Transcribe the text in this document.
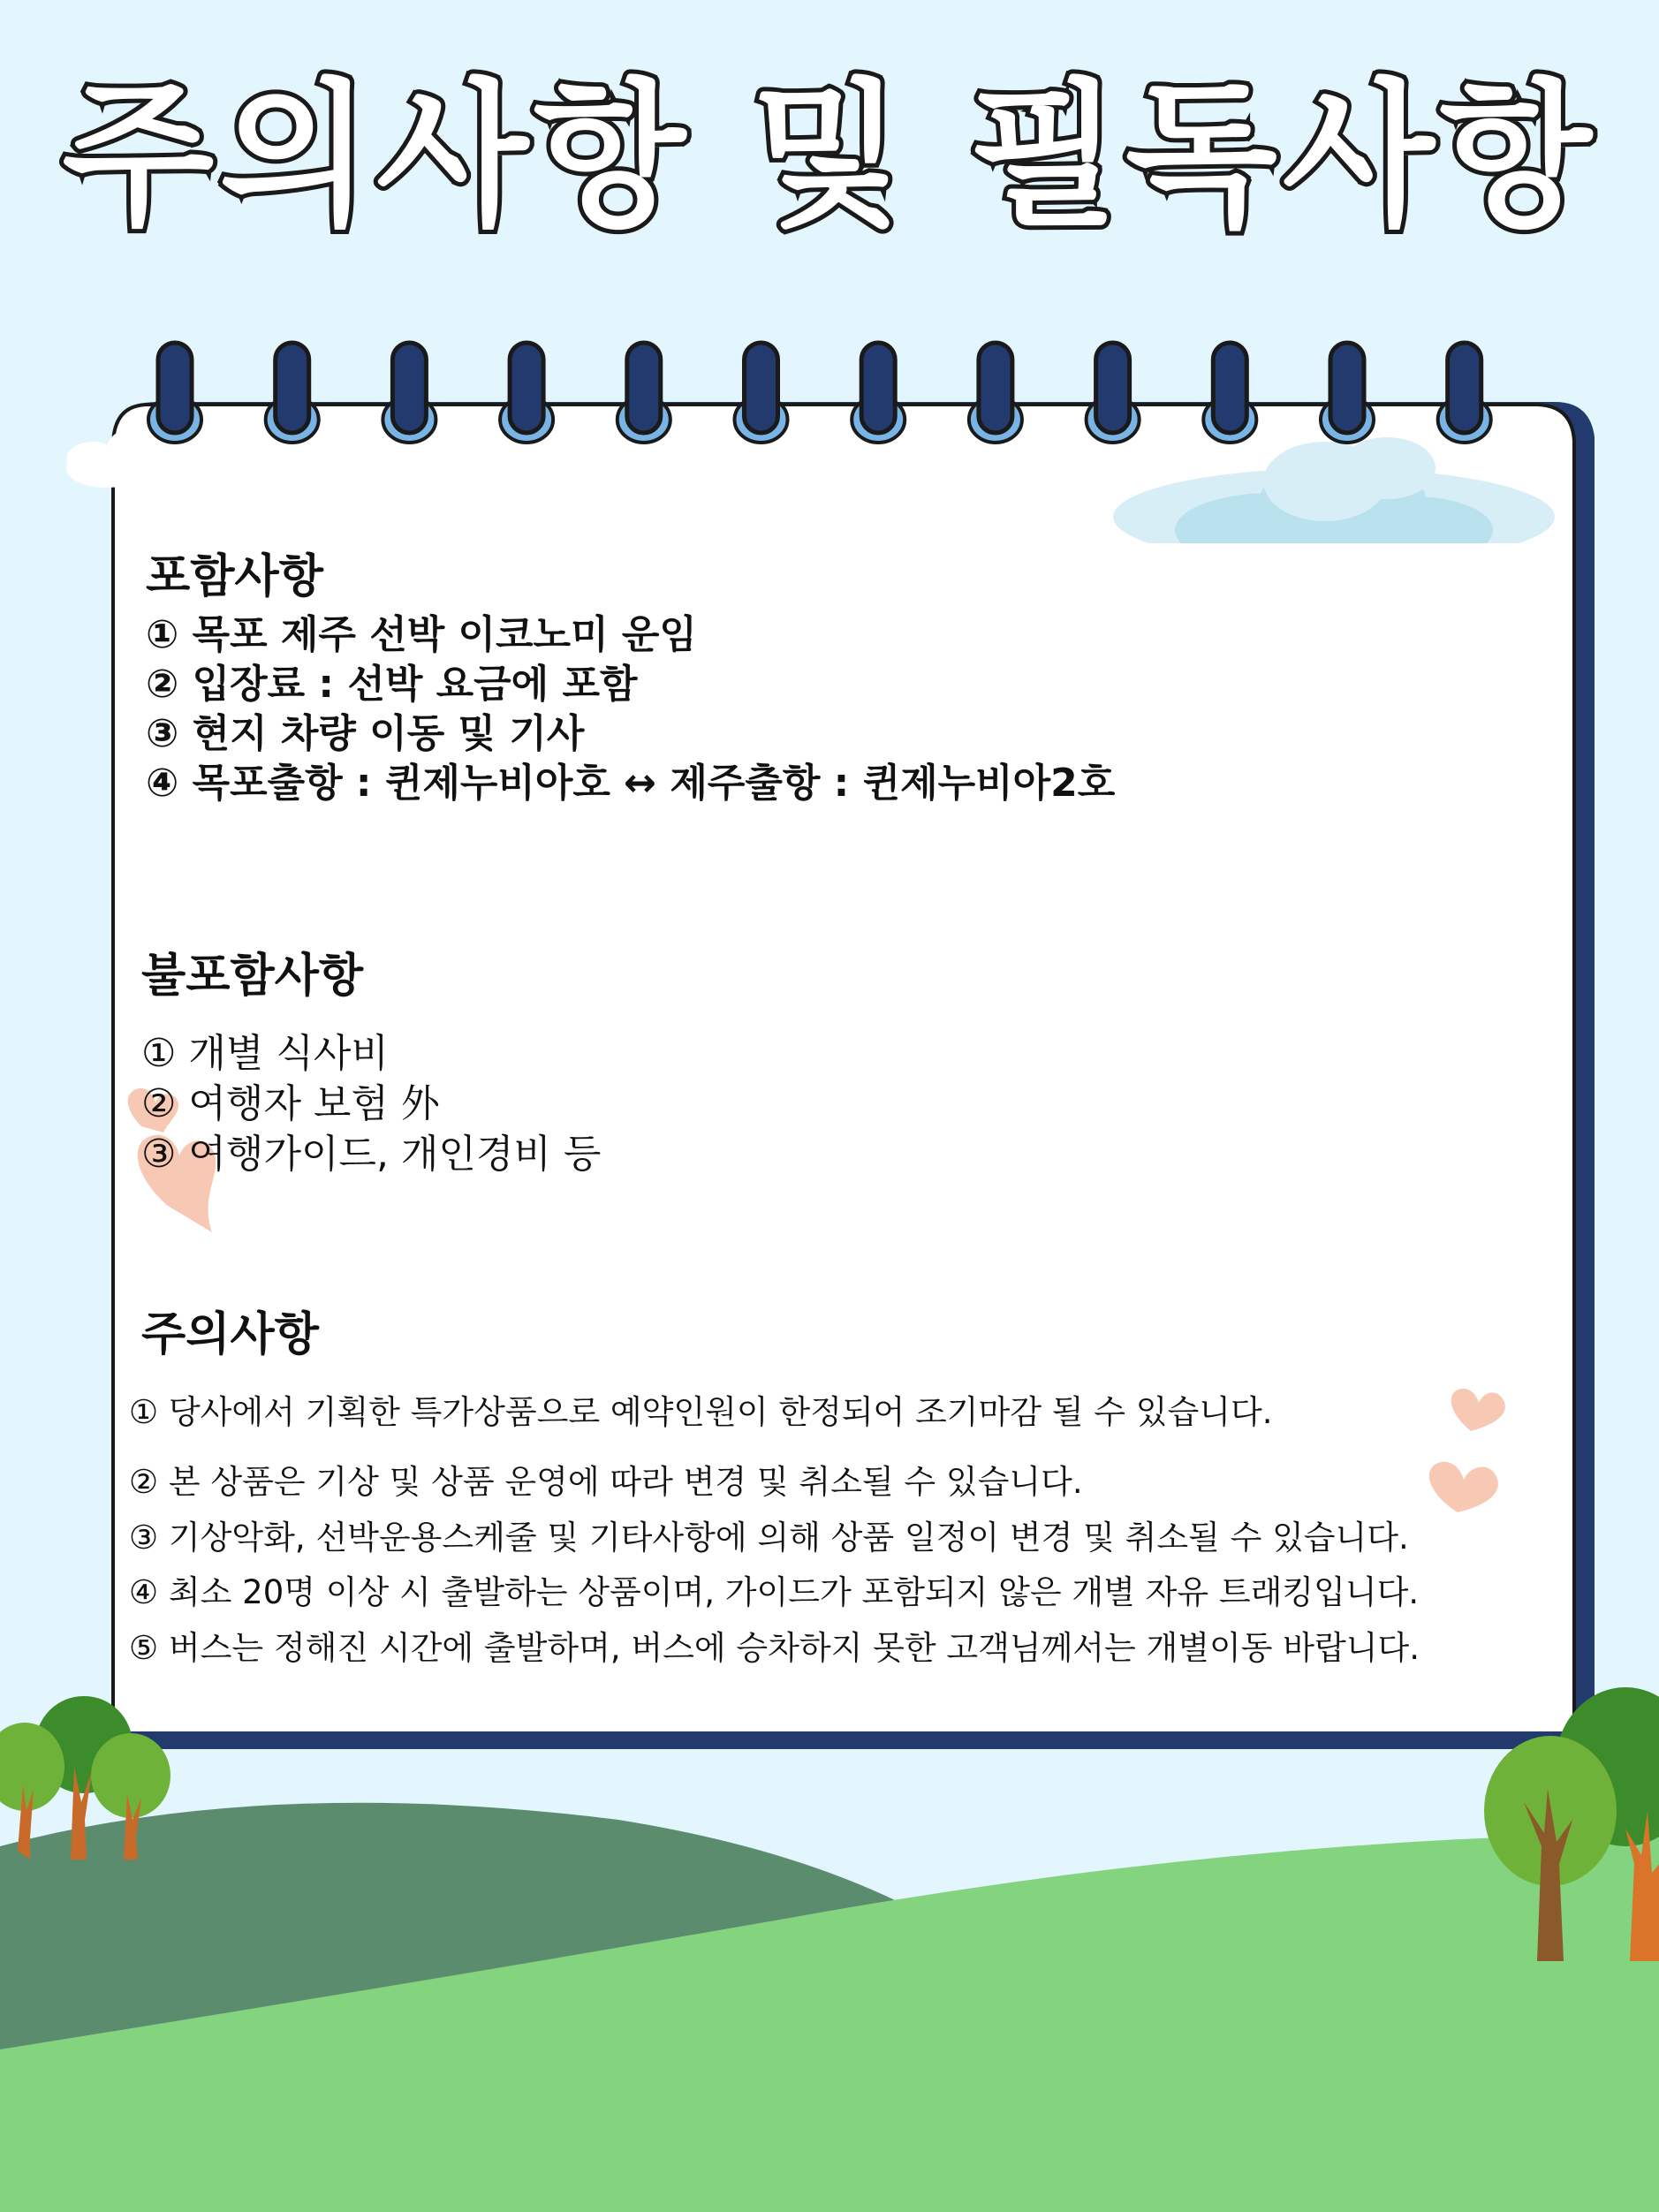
주의사항 및 필독사항
포함사항
① 목포 제주 선박 이코노미 운임
② 입장료 : 선박 요금에 포함
③ 현지 차량 이동 및 기사
④ 목포출항 : 퀸제누비아호 ↔ 제주출항 : 퀸제누비아2호
불포함사항
① 개별 식사비
② 여행자 보험 外
③ 여행가이드, 개인경비 등
주의사항
① 당사에서 기획한 특가상품으로 예약인원이 한정되어 조기마감 될 수 있습니다.
② 본 상품은 기상 및 상품 운영에 따라 변경 및 취소될 수 있습니다.
③ 기상악화, 선박운용스케줄 및 기타사항에 의해 상품 일정이 변경 및 취소될 수 있습니다.
④ 최소 20명 이상 시 출발하는 상품이며, 가이드가 포함되지 않은 개별 자유 트래킹입니다.
⑤ 버스는 정해진 시간에 출발하며, 버스에 승차하지 못한 고객님께서는 개별이동 바랍니다.
